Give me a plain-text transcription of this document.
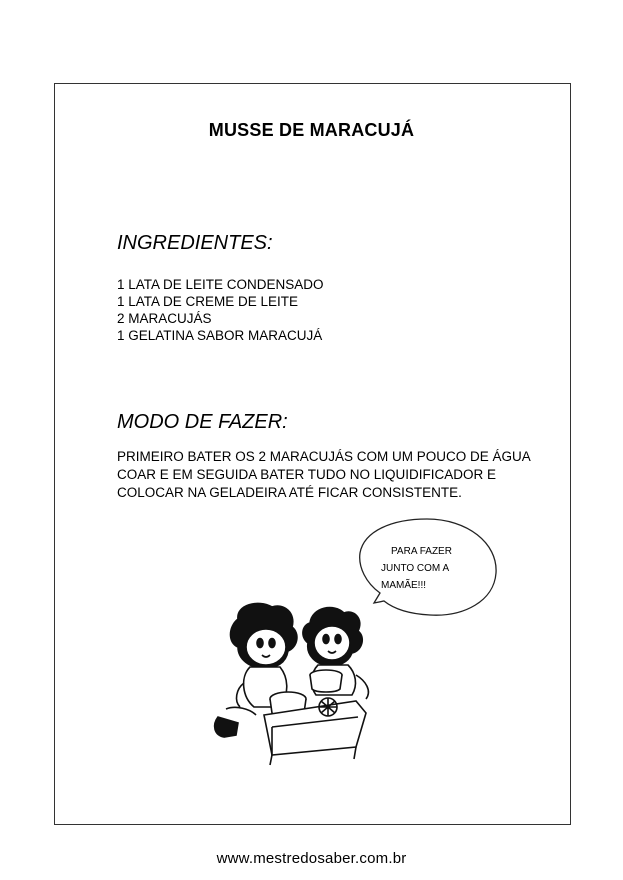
MUSSE DE MARACUJÁ
INGREDIENTES:
1 LATA DE LEITE CONDENSADO
1 LATA DE CREME DE LEITE
2 MARACUJÁS
1 GELATINA SABOR MARACUJÁ
MODO DE FAZER:
PRIMEIRO BATER OS 2 MARACUJÁS COM UM POUCO DE ÁGUA
COAR E EM SEGUIDA BATER TUDO NO LIQUIDIFICADOR E
COLOCAR NA GELADEIRA ATÉ FICAR CONSISTENTE.
PARA FAZER
JUNTO COM A
MAMÃE!!!
www.mestredosaber.com.br
